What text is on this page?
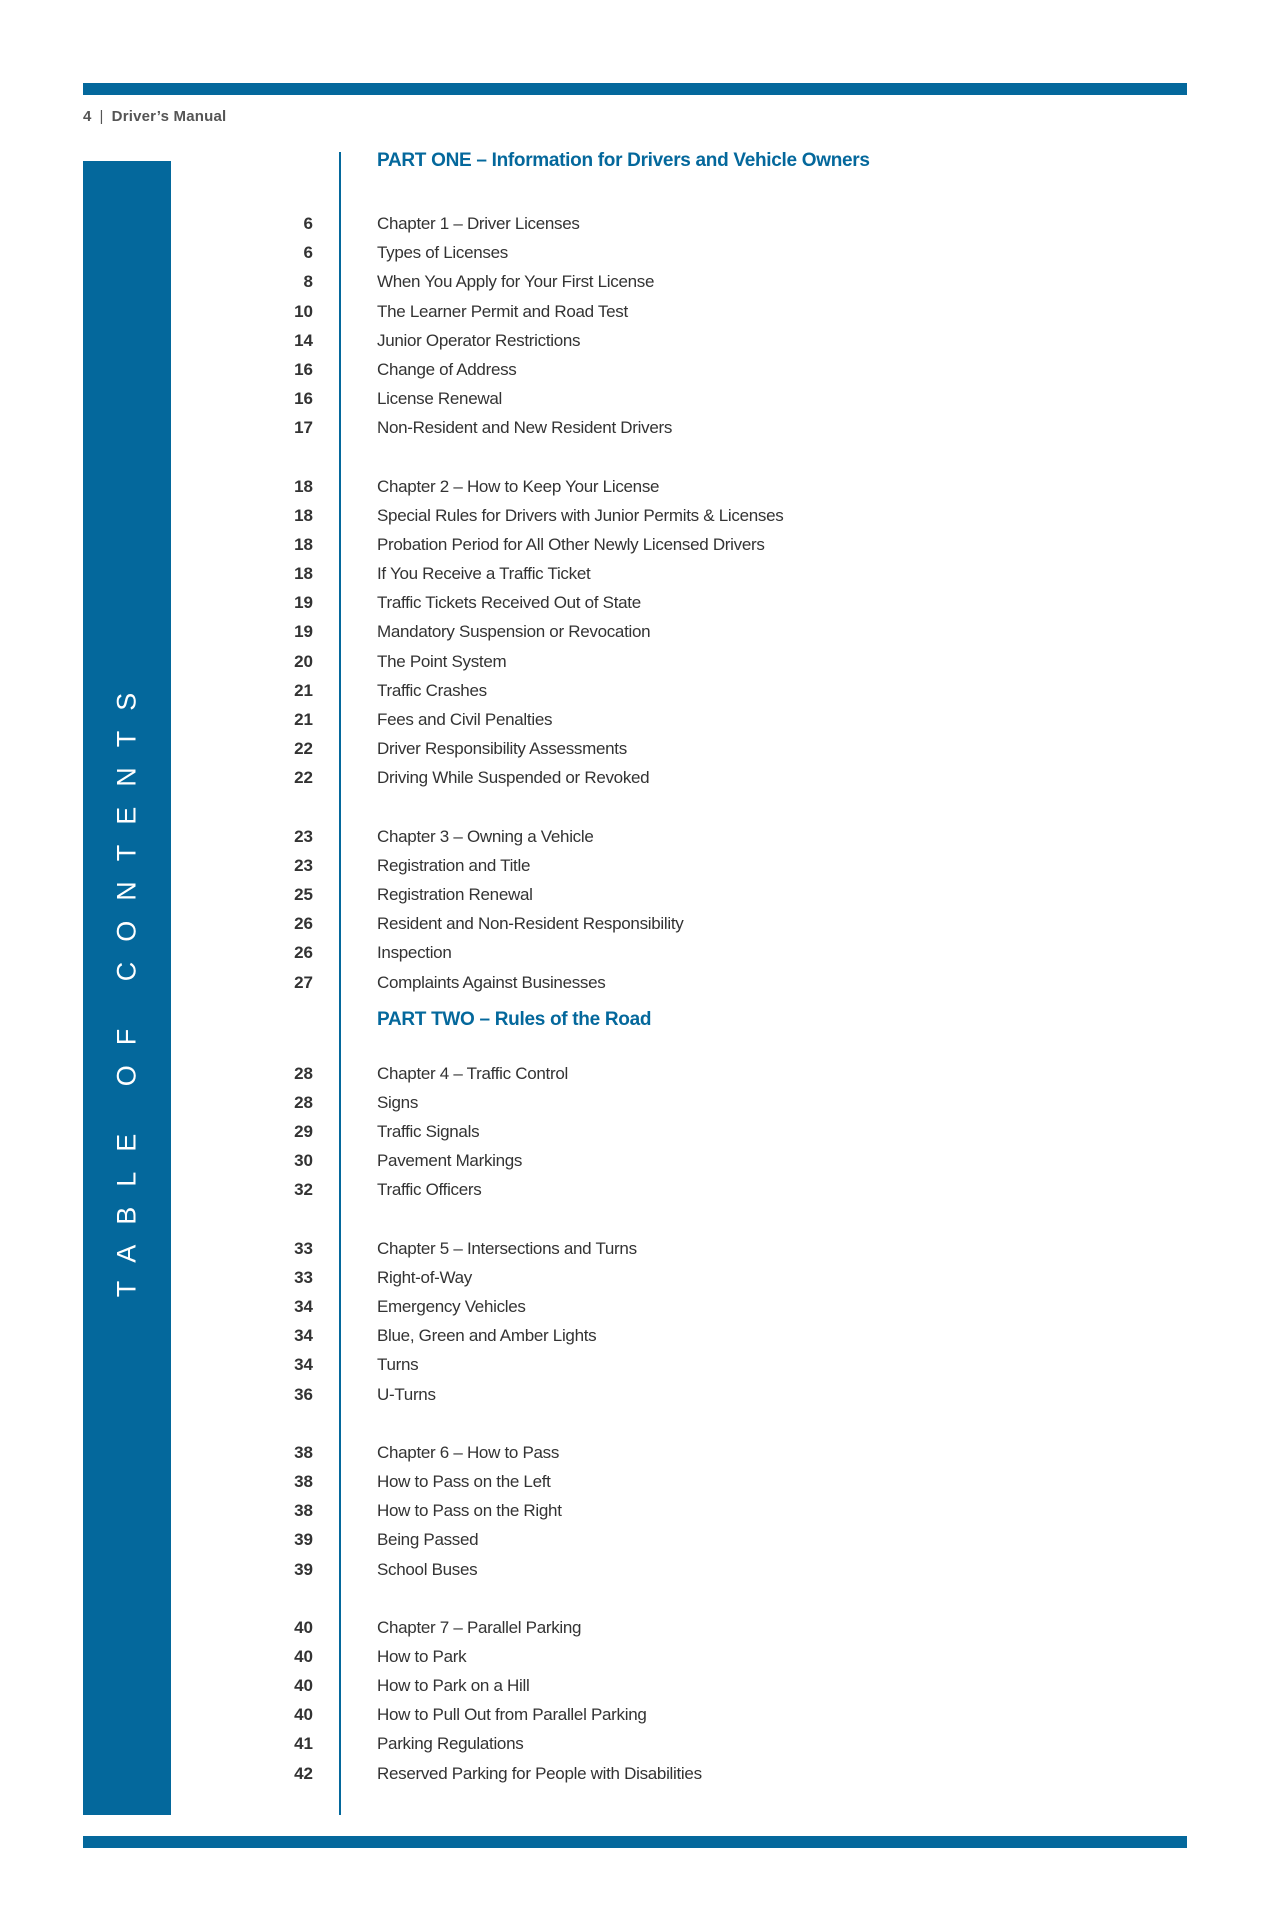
4 | Driver’s Manual
TABLE OF CONTENTS
PART ONE – Information for Drivers and Vehicle Owners
6	Chapter 1 – Driver Licenses
6	Types of Licenses
8	When You Apply for Your First License
10	The Learner Permit and Road Test
14	Junior Operator Restrictions
16	Change of Address
16	License Renewal
17	Non-Resident and New Resident Drivers
18	Chapter 2 – How to Keep Your License
18	Special Rules for Drivers with Junior Permits & Licenses
18	Probation Period for All Other Newly Licensed Drivers
18	If You Receive a Traffic Ticket
19	Traffic Tickets Received Out of State
19	Mandatory Suspension or Revocation
20	The Point System
21	Traffic Crashes
21	Fees and Civil Penalties
22	Driver Responsibility Assessments
22	Driving While Suspended or Revoked
23	Chapter 3 – Owning a Vehicle
23	Registration and Title
25	Registration Renewal
26	Resident and Non-Resident Responsibility
26	Inspection
27	Complaints Against Businesses
PART TWO – Rules of the Road
28	Chapter 4 – Traffic Control
28	Signs
29	Traffic Signals
30	Pavement Markings
32	Traffic Officers
33	Chapter 5 – Intersections and Turns
33	Right-of-Way
34	Emergency Vehicles
34	Blue, Green and Amber Lights
34	Turns
36	U-Turns
38	Chapter 6 – How to Pass
38	How to Pass on the Left
38	How to Pass on the Right
39	Being Passed
39	School Buses
40	Chapter 7 – Parallel Parking
40	How to Park
40	How to Park on a Hill
40	How to Pull Out from Parallel Parking
41	Parking Regulations
42	Reserved Parking for People with Disabilities
